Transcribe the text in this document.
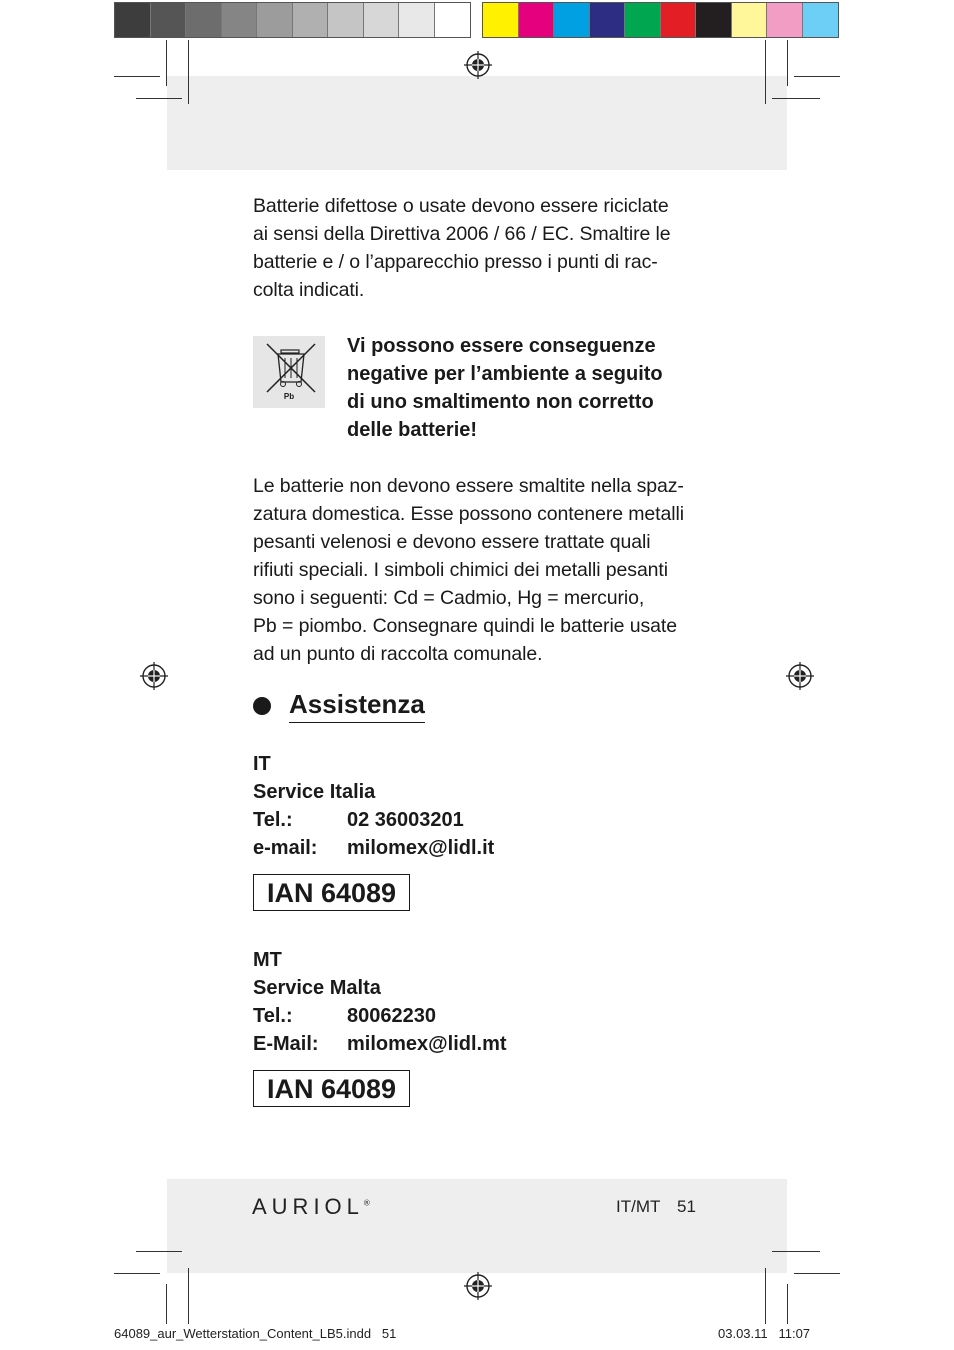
Batterie difettose o usate devono essere riciclate
ai sensi della Direttiva 2006 / 66 / EC. Smaltire le
batterie e / o l’apparecchio presso i punti di rac-
colta indicati.
Pb
Vi possono essere conseguenze
negative per l’ambiente a seguito
di uno smaltimento non corretto
delle batterie!
Le batterie non devono essere smaltite nella spaz-
zatura domestica. Esse possono contenere metalli
pesanti velenosi e devono essere trattate quali
rifiuti speciali. I simboli chimici dei metalli pesanti
sono i seguenti: Cd = Cadmio, Hg = mercurio,
Pb = piombo. Consegnare quindi le batterie usate
ad un punto di raccolta comunale.
Assistenza
IT
Service Italia
Tel.:	02 36003201
e-mail:	milomex@lidl.it
IAN 64089
MT
Service Malta
Tel.:	80062230
E-Mail:	milomex@lidl.mt
IAN 64089
AURIOL®	IT/MT 51
64089_aur_Wetterstation_Content_LB5.indd   51	03.03.11   11:07
